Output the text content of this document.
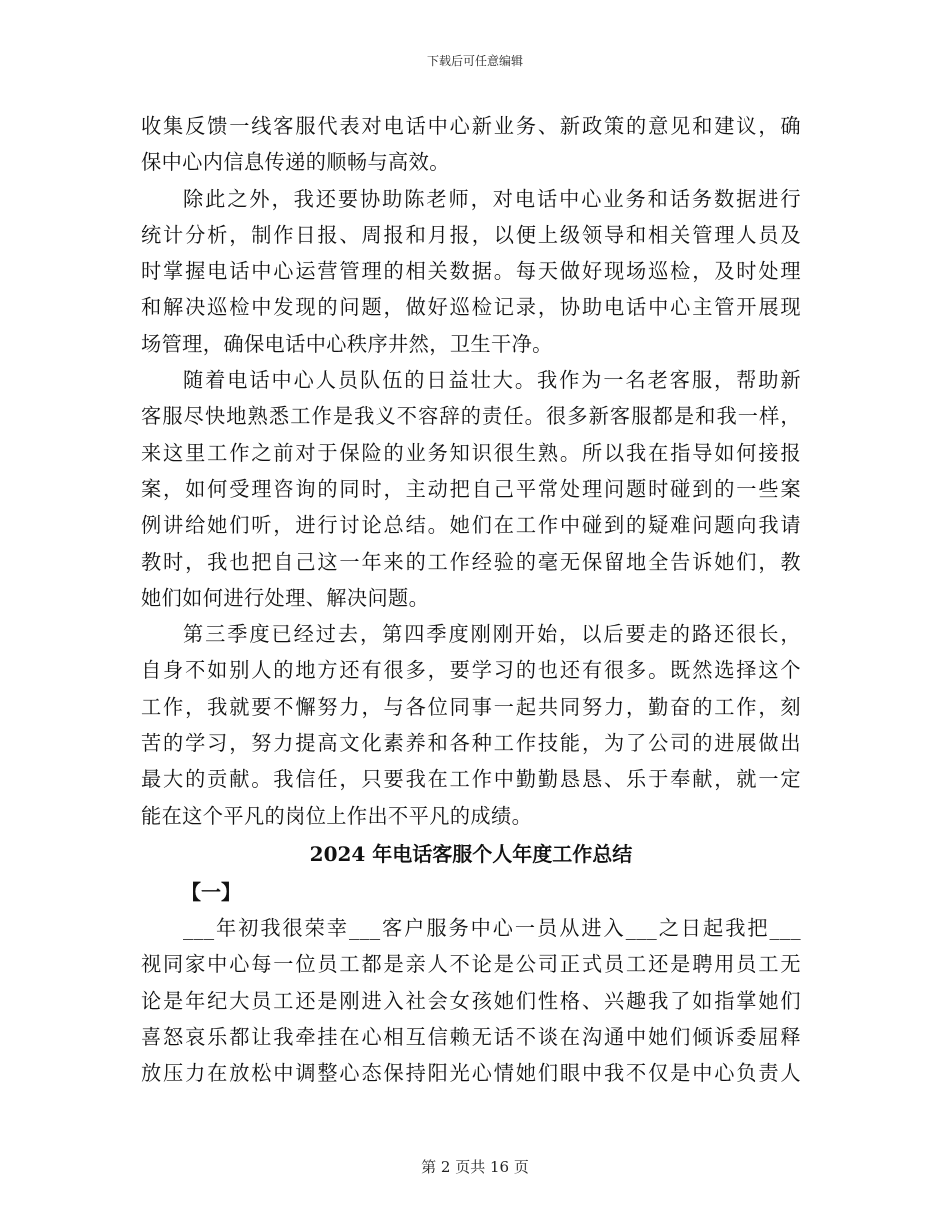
下载后可任意编辑
收集反馈一线客服代表对电话中心新业务、新政策的意见和建议，确
保中心内信息传递的顺畅与高效。
除此之外，我还要协助陈老师，对电话中心业务和话务数据进行
统计分析，制作日报、周报和月报，以便上级领导和相关管理人员及
时掌握电话中心运营管理的相关数据。每天做好现场巡检，及时处理
和解决巡检中发现的问题，做好巡检记录，协助电话中心主管开展现
场管理，确保电话中心秩序井然，卫生干净。
随着电话中心人员队伍的日益壮大。我作为一名老客服，帮助新
客服尽快地熟悉工作是我义不容辞的责任。很多新客服都是和我一样，
来这里工作之前对于保险的业务知识很生熟。所以我在指导如何接报
案，如何受理咨询的同时，主动把自己平常处理问题时碰到的一些案
例讲给她们听，进行讨论总结。她们在工作中碰到的疑难问题向我请
教时，我也把自己这一年来的工作经验的毫无保留地全告诉她们，教
她们如何进行处理、解决问题。
第三季度已经过去，第四季度刚刚开始，以后要走的路还很长，
自身不如别人的地方还有很多，要学习的也还有很多。既然选择这个
工作，我就要不懈努力，与各位同事一起共同努力，勤奋的工作，刻
苦的学习，努力提高文化素养和各种工作技能，为了公司的进展做出
最大的贡献。我信任，只要我在工作中勤勤恳恳、乐于奉献，就一定
能在这个平凡的岗位上作出不平凡的成绩。
2024 年电话客服个人年度工作总结
【一】
___年初我很荣幸___客户服务中心一员从进入___之日起我把___
视同家中心每一位员工都是亲人不论是公司正式员工还是聘用员工无
论是年纪大员工还是刚进入社会女孩她们性格、兴趣我了如指掌她们
喜怒哀乐都让我牵挂在心相互信赖无话不谈在沟通中她们倾诉委屈释
放压力在放松中调整心态保持阳光心情她们眼中我不仅是中心负责人
第 2 页共 16 页
